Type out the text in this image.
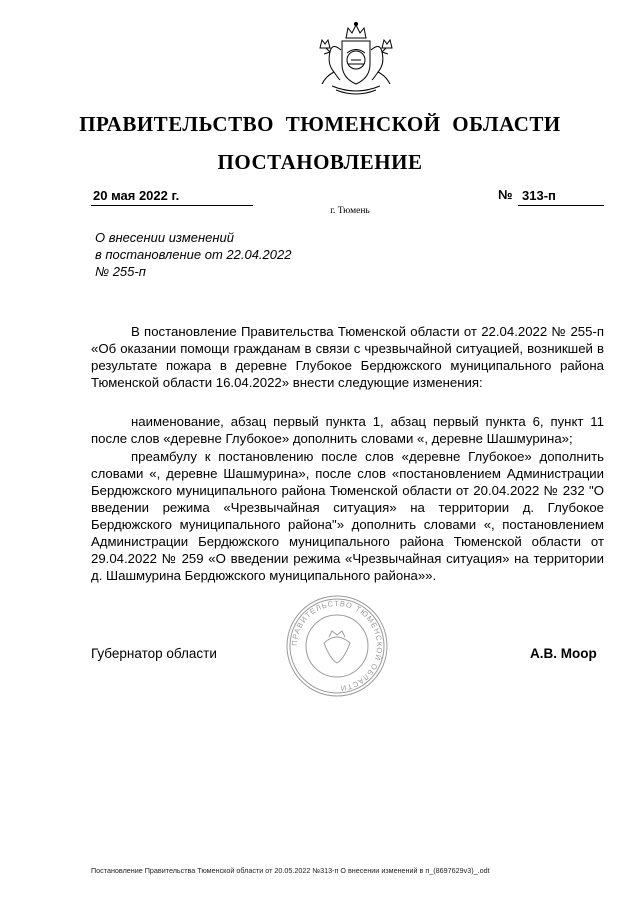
ПРАВИТЕЛЬСТВО ТЮМЕНСКОЙ ОБЛАСТИ
ПОСТАНОВЛЕНИЕ
20 мая 2022 г.	№ 313-п
г. Тюмень
О внесении изменений
в постановление от 22.04.2022
№ 255-п
В постановление Правительства Тюменской области от 22.04.2022 № 255-п «Об оказании помощи гражданам в связи с чрезвычайной ситуацией, возникшей в результате пожара в деревне Глубокое Бердюжского муниципального района Тюменской области 16.04.2022» внести следующие изменения:
наименование, абзац первый пункта 1, абзац первый пункта 6, пункт 11 после слов «деревне Глубокое» дополнить словами «, деревне Шашмурина»;
преамбулу к постановлению после слов «деревне Глубокое» дополнить словами «, деревне Шашмурина», после слов «постановлением Администрации Бердюжского муниципального района Тюменской области от 20.04.2022 № 232 "О введении режима «Чрезвычайная ситуация» на территории д. Глубокое Бердюжского муниципального района"» дополнить словами «, постановлением Администрации Бердюжского муниципального района Тюменской области от 29.04.2022 № 259 «О введении режима «Чрезвычайная ситуация» на территории д. Шашмурина Бердюжского муниципального района»».
ПРАВИТЕЛЬСТВО ТЮМЕНСКОЙ ОБЛАСТИ
Губернатор области	А.В. Моор
Постановление Правительства Тюменской области от 20.05.2022 №313-п О внесении изменений в п_(8697629v3)_.odt
